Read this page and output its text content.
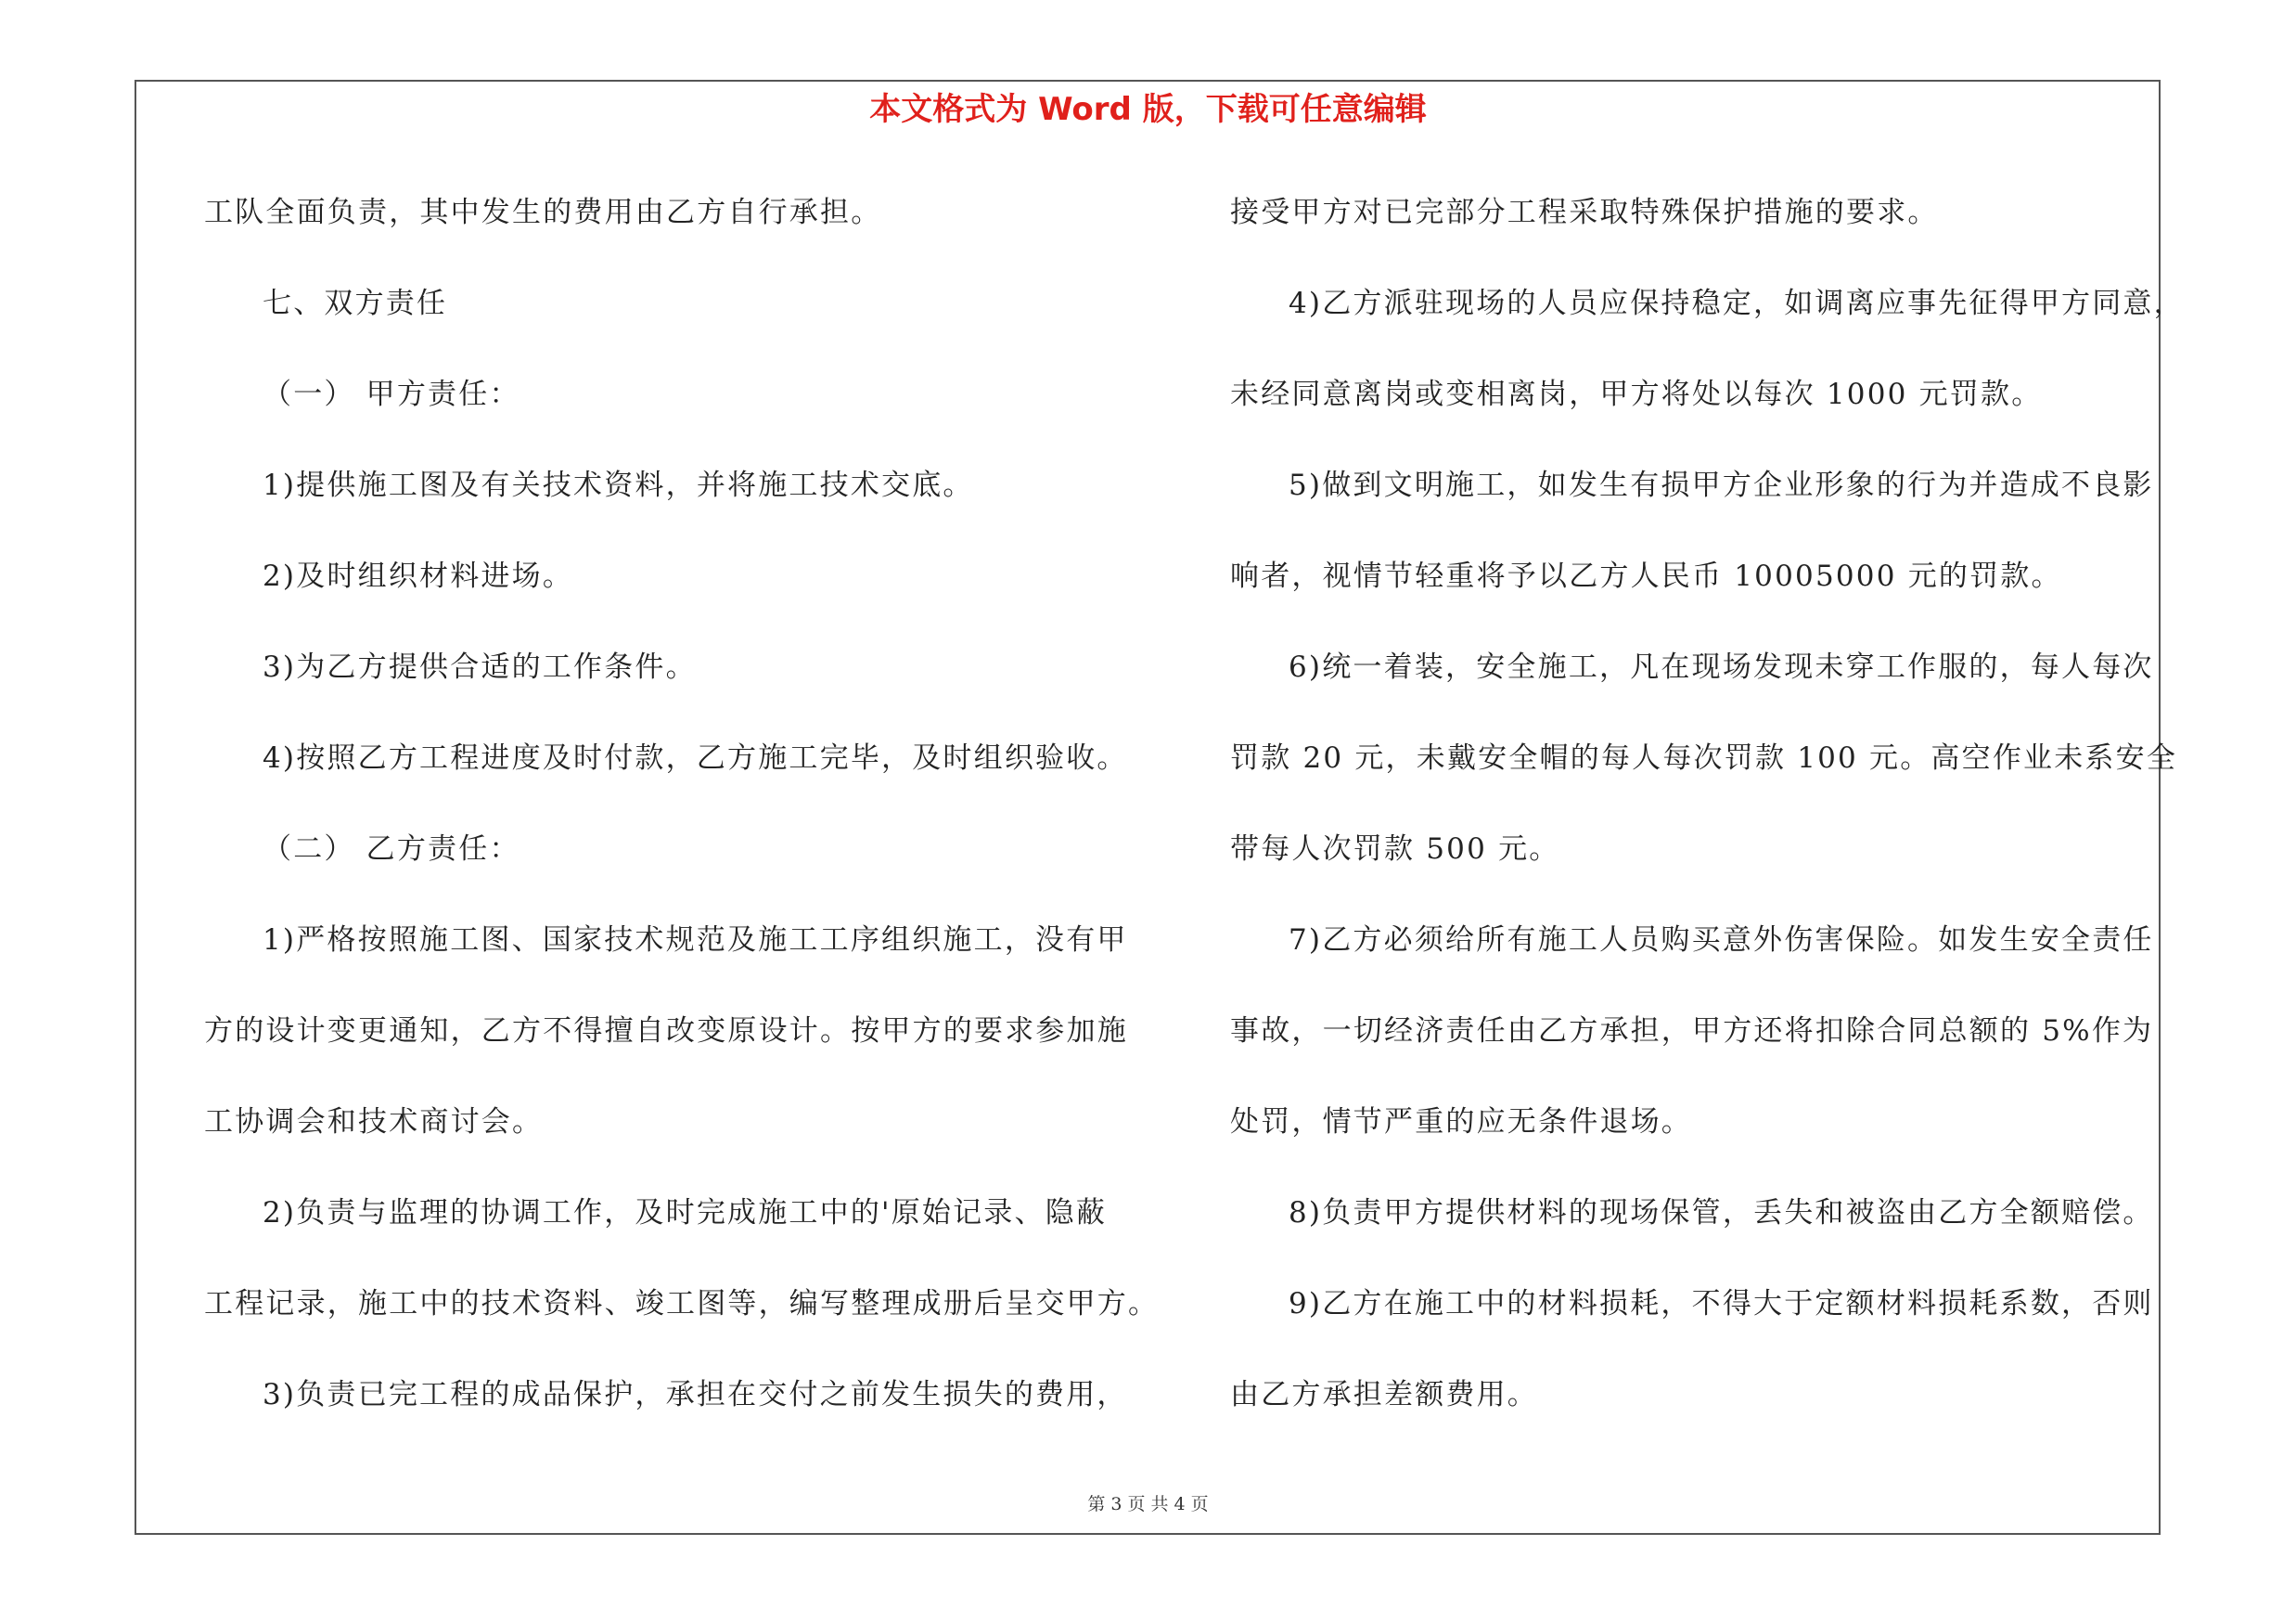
本文格式为 Word 版，下载可任意编辑
工队全面负责，其中发生的费用由乙方自行承担。
七、双方责任
（一） 甲方责任：
1)提供施工图及有关技术资料，并将施工技术交底。
2)及时组织材料进场。
3)为乙方提供合适的工作条件。
4)按照乙方工程进度及时付款，乙方施工完毕，及时组织验收。
（二） 乙方责任：
1)严格按照施工图、国家技术规范及施工工序组织施工，没有甲
方的设计变更通知，乙方不得擅自改变原设计。按甲方的要求参加施
工协调会和技术商讨会。
2)负责与监理的协调工作，及时完成施工中的'原始记录、隐蔽
工程记录，施工中的技术资料、竣工图等，编写整理成册后呈交甲方。
3)负责已完工程的成品保护，承担在交付之前发生损失的费用，
接受甲方对已完部分工程采取特殊保护措施的要求。
4)乙方派驻现场的人员应保持稳定，如调离应事先征得甲方同意，
未经同意离岗或变相离岗，甲方将处以每次 1000 元罚款。
5)做到文明施工，如发生有损甲方企业形象的行为并造成不良影
响者，视情节轻重将予以乙方人民币 10005000 元的罚款。
6)统一着装，安全施工，凡在现场发现未穿工作服的，每人每次
罚款 20 元，未戴安全帽的每人每次罚款 100 元。高空作业未系安全
带每人次罚款 500 元。
7)乙方必须给所有施工人员购买意外伤害保险。如发生安全责任
事故，一切经济责任由乙方承担，甲方还将扣除合同总额的 5%作为
处罚，情节严重的应无条件退场。
8)负责甲方提供材料的现场保管，丢失和被盗由乙方全额赔偿。
9)乙方在施工中的材料损耗，不得大于定额材料损耗系数，否则
由乙方承担差额费用。
第 3 页 共 4 页
